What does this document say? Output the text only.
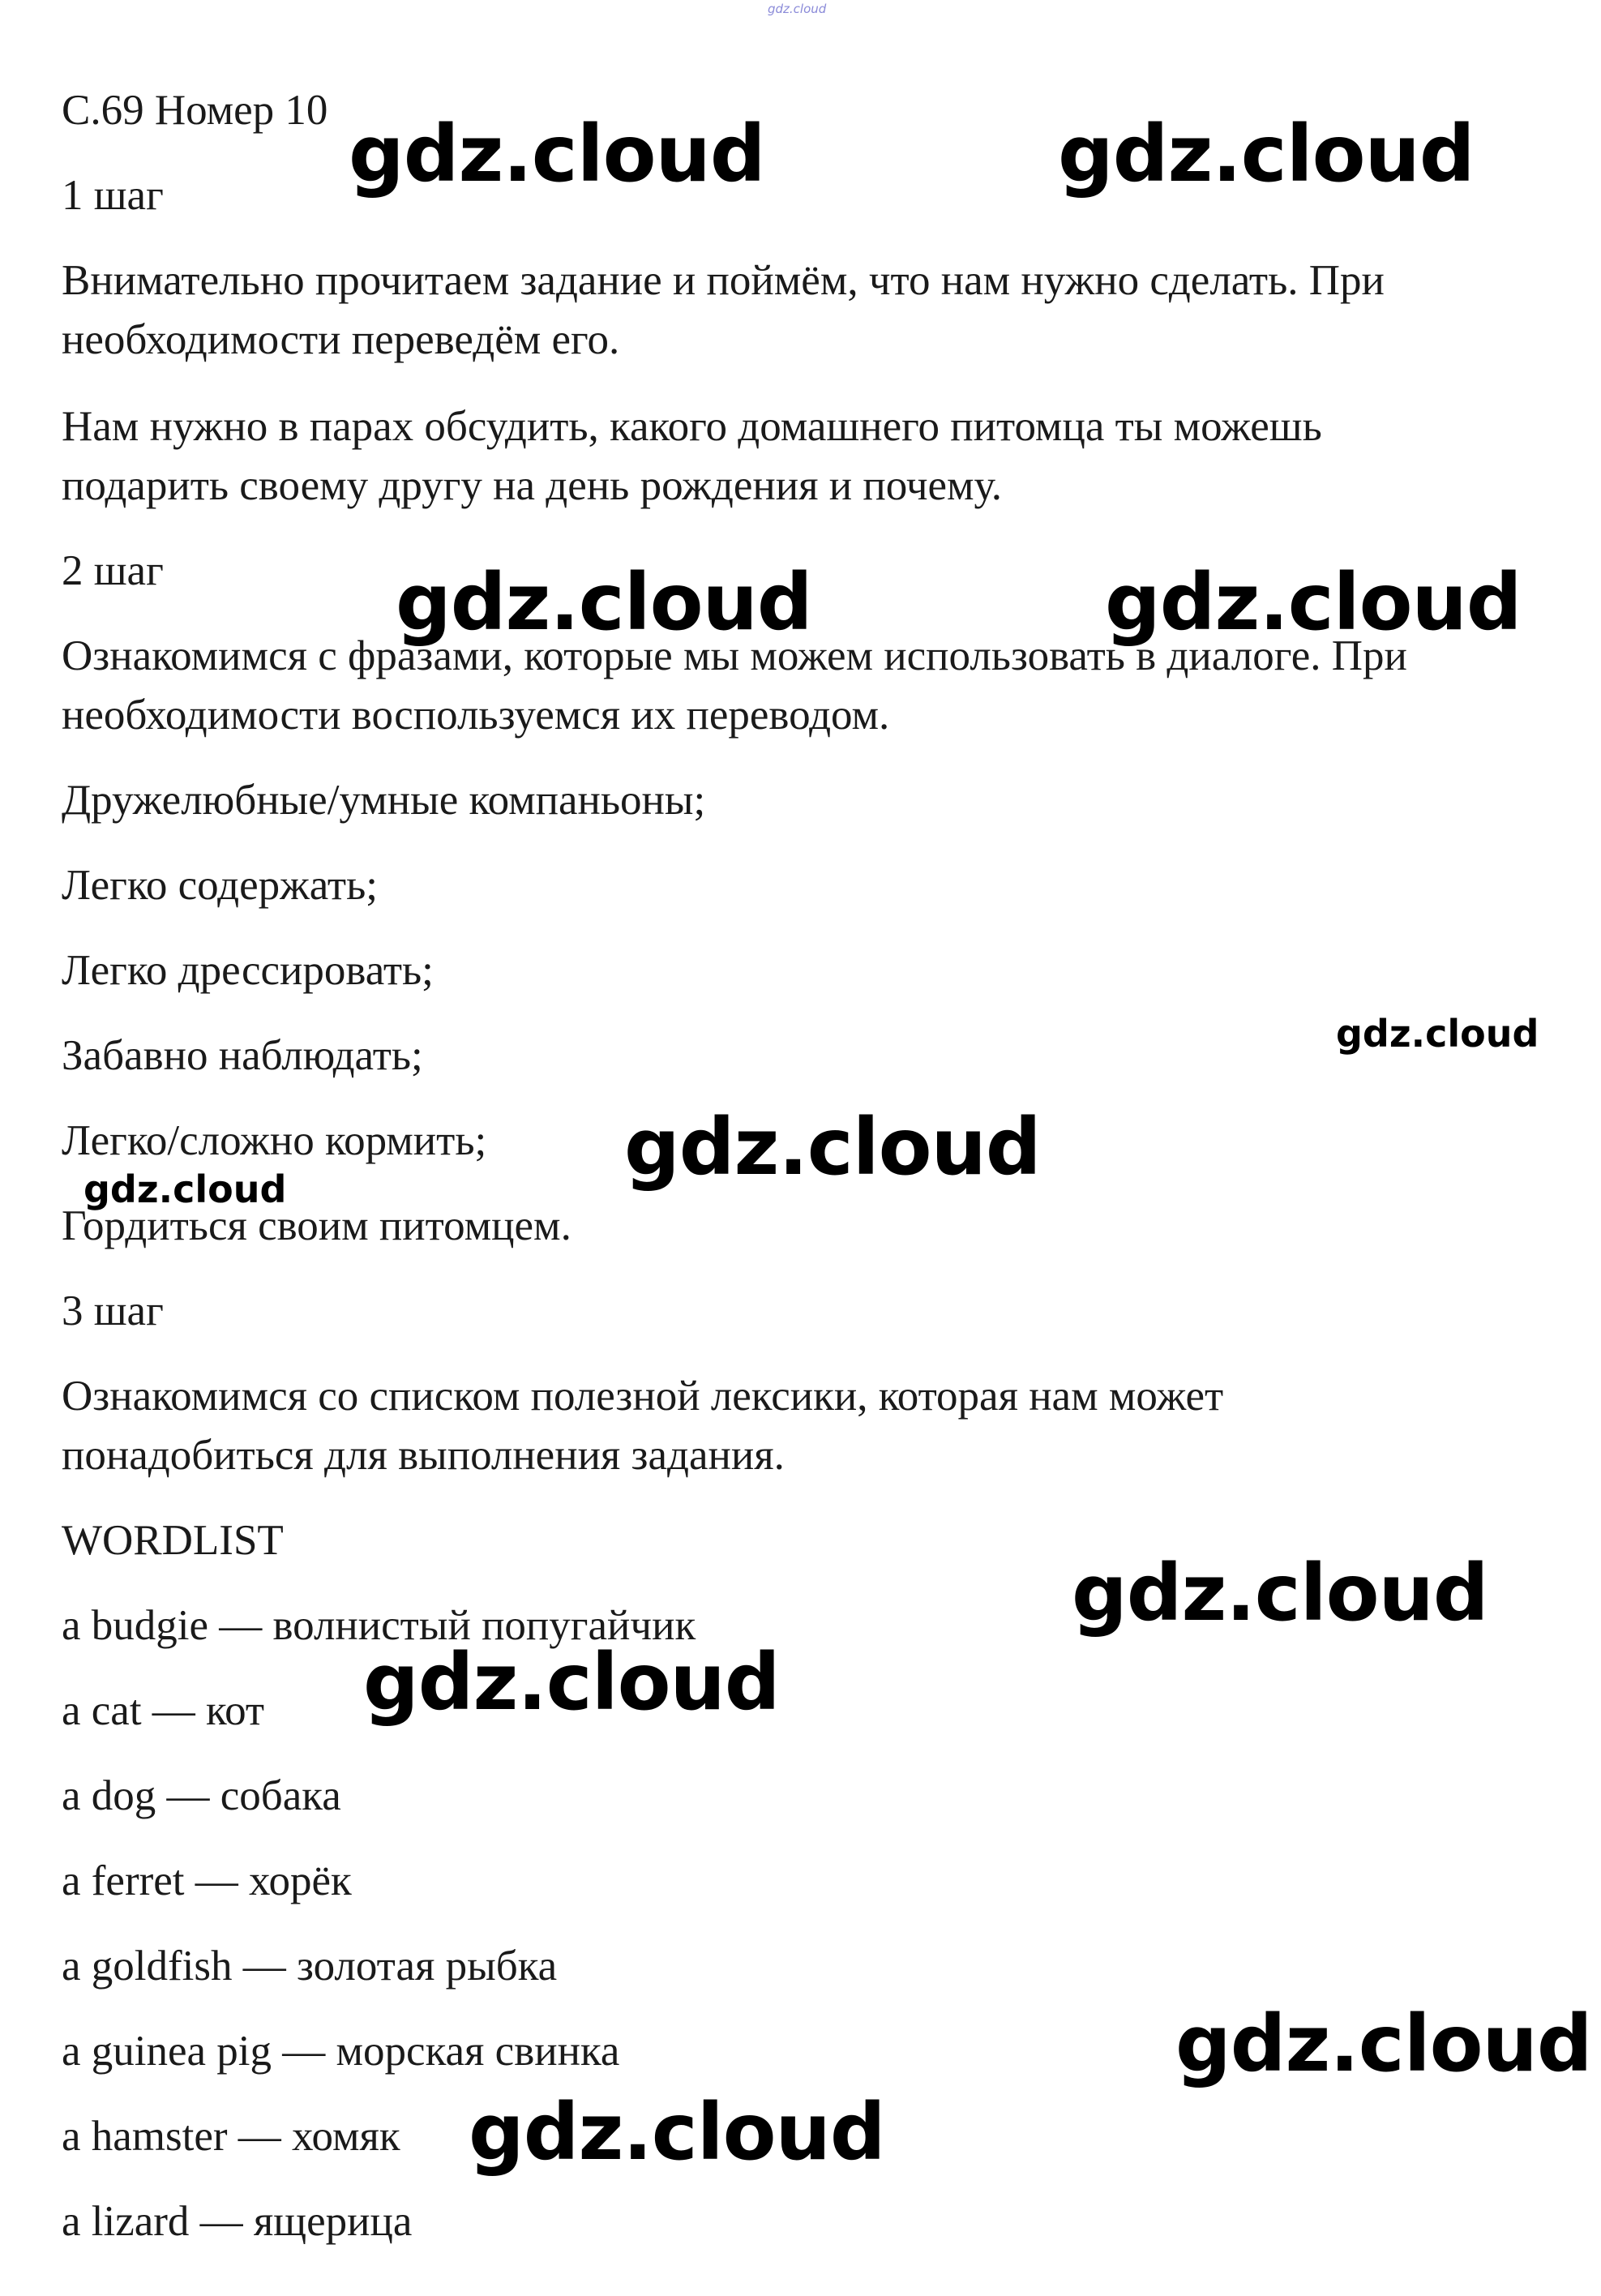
gdz.cloud

С.69 Номер 10

1 шаг

Внимательно прочитаем задание и поймём, что нам нужно сделать. При

необходимости переведём его.

Нам нужно в парах обсудить, какого домашнего питомца ты можешь

подарить своему другу на день рождения и почему.

2 шаг

Ознакомимся с фразами, которые мы можем использовать в диалоге. При

необходимости воспользуемся их переводом.

Дружелюбные/умные компаньоны;

Легко содержать;

Легко дрессировать;

Забавно наблюдать;

Легко/сложно кормить;

Гордиться своим питомцем.

3 шаг

Ознакомимся со списком полезной лексики, которая нам может

понадобиться для выполнения задания.

WORDLIST

a budgie — волнистый попугайчик

a cat — кот

a dog — собака

a ferret — хорёк

a goldfish — золотая рыбка

a guinea pig — морская свинка

a hamster — хомяк

a lizard — ящерица

gdz.cloud	gdz.cloud

gdz.cloud	gdz.cloud

gdz.cloud

gdz.cloud

gdz.cloud

gdz.cloud

gdz.cloud

gdz.cloud

gdz.cloud
